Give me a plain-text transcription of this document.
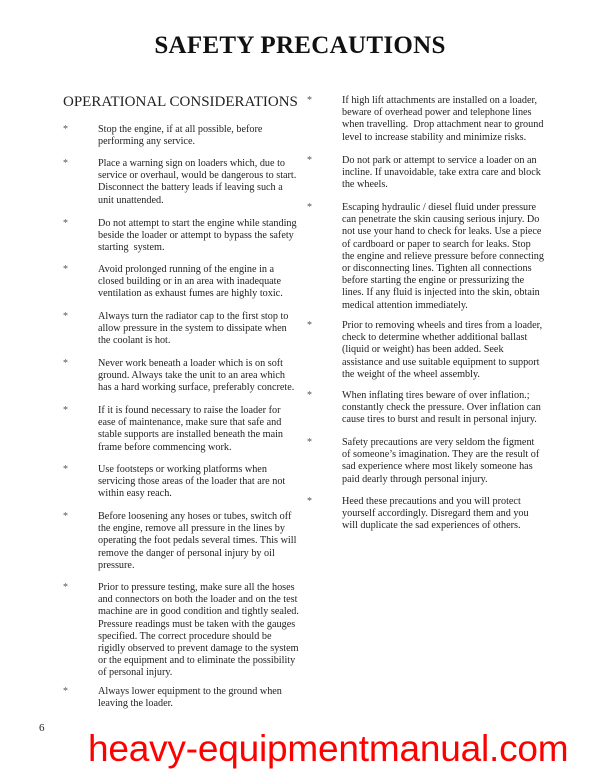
SAFETY PRECAUTIONS
OPERATIONAL CONSIDERATIONS
*	Stop the engine, if at all possible, before
performing any service.
*	Place a warning sign on loaders which, due to
service or overhaul, would be dangerous to start.
Disconnect the battery leads if leaving such a
unit unattended.
*	Do not attempt to start the engine while standing
beside the loader or attempt to bypass the safety
starting  system.
*	Avoid prolonged running of the engine in a
closed building or in an area with inadequate
ventilation as exhaust fumes are highly toxic.
*	Always turn the radiator cap to the first stop to
allow pressure in the system to dissipate when
the coolant is hot.
*	Never work beneath a loader which is on soft
ground. Always take the unit to an area which
has a hard working surface, preferably concrete.
*	If it is found necessary to raise the loader for
ease of maintenance, make sure that safe and
stable supports are installed beneath the main
frame before commencing work.
*	Use footsteps or working platforms when
servicing those areas of the loader that are not
within easy reach.
*	Before loosening any hoses or tubes, switch off
the engine, remove all pressure in the lines by
operating the foot pedals several times. This will
remove the danger of personal injury by oil
pressure.
*	Prior to pressure testing, make sure all the hoses
and connectors on both the loader and on the test
machine are in good condition and tightly sealed.
Pressure readings must be taken with the gauges
specified. The correct procedure should be
rigidly observed to prevent damage to the system
or the equipment and to eliminate the possibility
of personal injury.
*	Always lower equipment to the ground when
leaving the loader.
*	If high lift attachments are installed on a loader,
beware of overhead power and telephone lines
when travelling.  Drop attachment near to ground
level to increase stability and minimize risks.
*	Do not park or attempt to service a loader on an
incline. If unavoidable, take extra care and block
the wheels.
*	Escaping hydraulic / diesel fluid under pressure
can penetrate the skin causing serious injury. Do
not use your hand to check for leaks. Use a piece
of cardboard or paper to search for leaks. Stop
the engine and relieve pressure before connecting
or disconnecting lines. Tighten all connections
before starting the engine or pressurizing the
lines. If any fluid is injected into the skin, obtain
medical attention immediately.
*	Prior to removing wheels and tires from a loader,
check to determine whether additional ballast
(liquid or weight) has been added. Seek
assistance and use suitable equipment to support
the weight of the wheel assembly.
*	When inflating tires beware of over inflation.;
constantly check the pressure. Over inflation can
cause tires to burst and result in personal injury.
*	Safety precautions are very seldom the figment
of someone’s imagination. They are the result of
sad experience where most likely someone has
paid dearly through personal injury.
*	Heed these precautions and you will protect
yourself accordingly. Disregard them and you
will duplicate the sad experiences of others.
6 heavy-equipmentmanual.com
